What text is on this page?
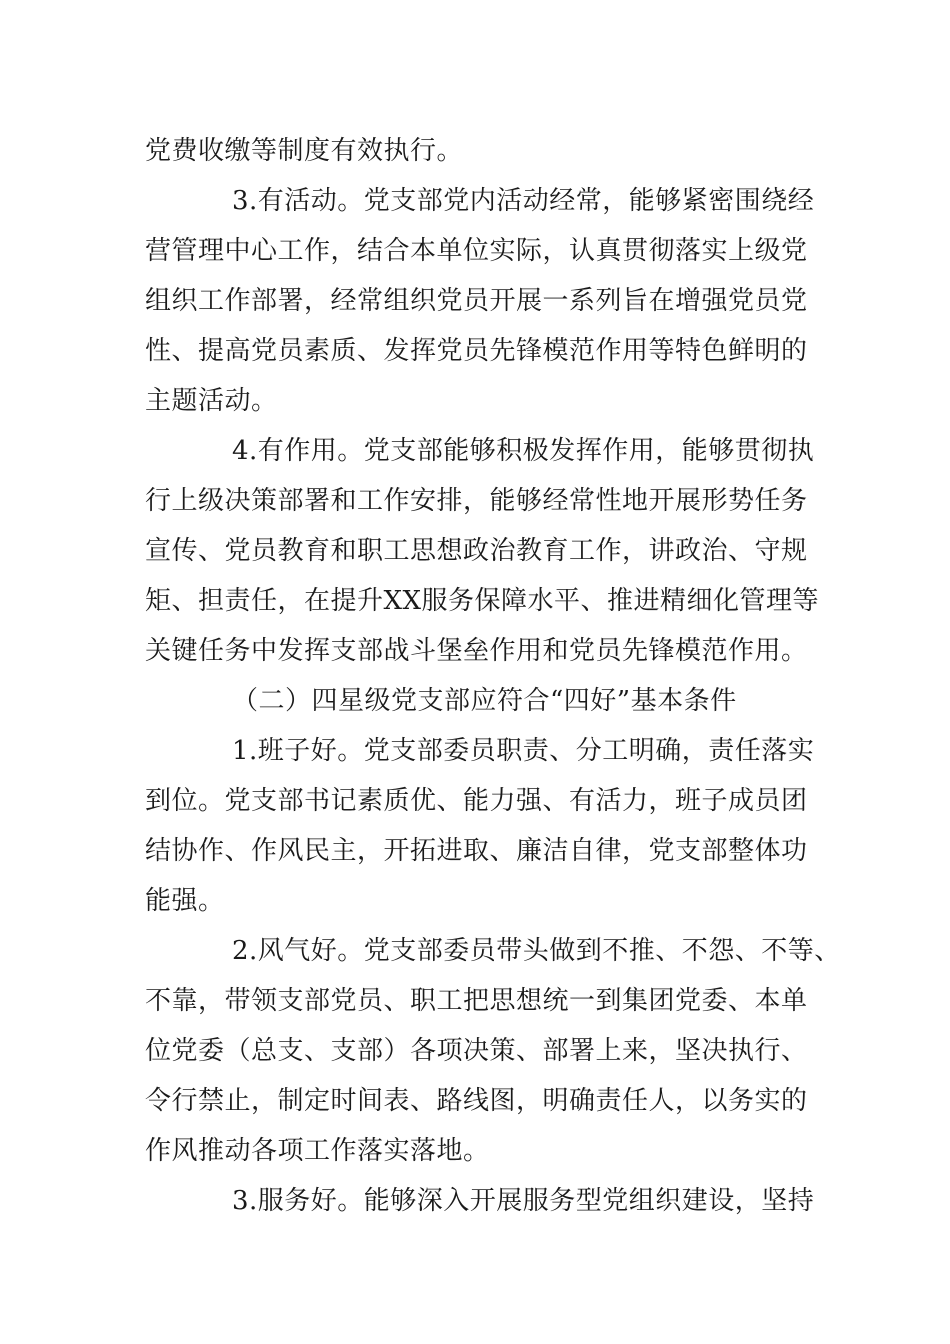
党费收缴等制度有效执行。
3.有活动。党支部党内活动经常，能够紧密围绕经
营管理中心工作，结合本单位实际，认真贯彻落实上级党
组织工作部署，经常组织党员开展一系列旨在增强党员党
性、提高党员素质、发挥党员先锋模范作用等特色鲜明的
主题活动。
4.有作用。党支部能够积极发挥作用，能够贯彻执
行上级决策部署和工作安排，能够经常性地开展形势任务
宣传、党员教育和职工思想政治教育工作，讲政治、守规
矩、担责任，在提升XX服务保障水平、推进精细化管理等
关键任务中发挥支部战斗堡垒作用和党员先锋模范作用。
（二）四星级党支部应符合“四好”基本条件
1.班子好。党支部委员职责、分工明确，责任落实
到位。党支部书记素质优、能力强、有活力，班子成员团
结协作、作风民主，开拓进取、廉洁自律，党支部整体功
能强。
2.风气好。党支部委员带头做到不推、不怨、不等、
不靠，带领支部党员、职工把思想统一到集团党委、本单
位党委（总支、支部）各项决策、部署上来，坚决执行、
令行禁止，制定时间表、路线图，明确责任人，以务实的
作风推动各项工作落实落地。
3.服务好。能够深入开展服务型党组织建设，坚持
